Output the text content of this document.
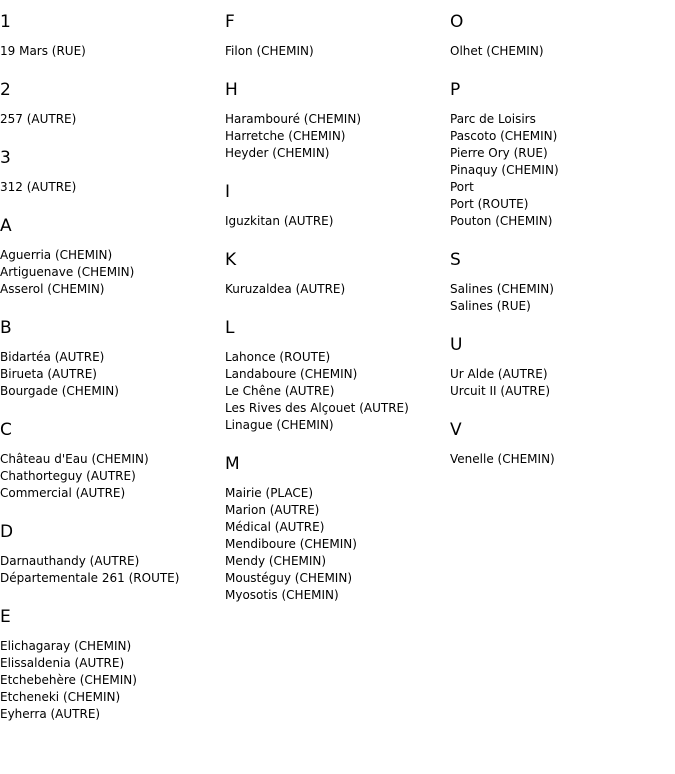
1
19 Mars (RUE)
2
257 (AUTRE)
3
312 (AUTRE)
A
Aguerria (CHEMIN)
Artiguenave (CHEMIN)
Asserol (CHEMIN)
B
Bidartéa (AUTRE)
Birueta (AUTRE)
Bourgade (CHEMIN)
C
Château d'Eau (CHEMIN)
Chathorteguy (AUTRE)
Commercial (AUTRE)
D
Darnauthandy (AUTRE)
Départementale 261 (ROUTE)
E
Elichagaray (CHEMIN)
Elissaldenia (AUTRE)
Etchebehère (CHEMIN)
Etcheneki (CHEMIN)
Eyherra (AUTRE)
F
Filon (CHEMIN)
H
Harambouré (CHEMIN)
Harretche (CHEMIN)
Heyder (CHEMIN)
I
Iguzkitan (AUTRE)
K
Kuruzaldea (AUTRE)
L
Lahonce (ROUTE)
Landaboure (CHEMIN)
Le Chêne (AUTRE)
Les Rives des Alçouet (AUTRE)
Linague (CHEMIN)
M
Mairie (PLACE)
Marion (AUTRE)
Médical (AUTRE)
Mendiboure (CHEMIN)
Mendy (CHEMIN)
Moustéguy (CHEMIN)
Myosotis (CHEMIN)
O
Olhet (CHEMIN)
P
Parc de Loisirs
Pascoto (CHEMIN)
Pierre Ory (RUE)
Pinaquy (CHEMIN)
Port
Port (ROUTE)
Pouton (CHEMIN)
S
Salines (CHEMIN)
Salines (RUE)
U
Ur Alde (AUTRE)
Urcuit II (AUTRE)
V
Venelle (CHEMIN)
